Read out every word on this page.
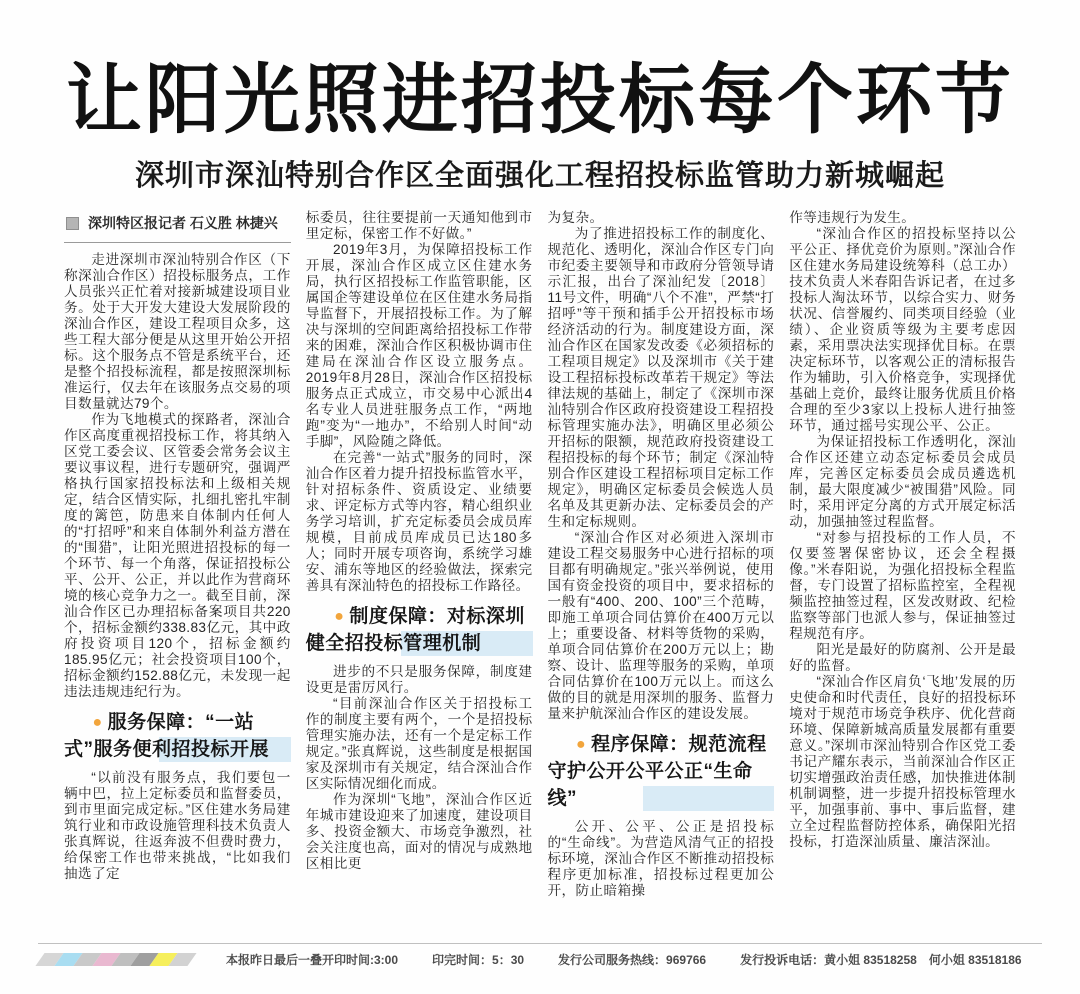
让阳光照进招投标每个环节
深圳市深汕特别合作区全面强化工程招投标监管助力新城崛起
深圳特区报记者 石义胜 林捷兴
走进深圳市深汕特别合作区（下称深汕合作区）招投标服务点，工作人员张兴正忙着对接新城建设项目业务。处于大开发大建设大发展阶段的深汕合作区，建设工程项目众多，这些工程大部分便是从这里开始公开招标。这个服务点不管是系统平台，还是整个招投标流程，都是按照深圳标准运行，仅去年在该服务点交易的项目数量就达79个。
作为飞地模式的探路者，深汕合作区高度重视招投标工作，将其纳入区党工委会议、区管委会常务会议主要议事议程，进行专题研究，强调严格执行国家招投标法和上级相关规定，结合区情实际，扎细扎密扎牢制度的篱笆，防患来自体制内任何人的“打招呼”和来自体制外利益方潜在的“围猎”，让阳光照进招投标的每一个环节、每一个角落，保证招投标公平、公开、公正，并以此作为营商环境的核心竞争力之一。截至目前，深汕合作区已办理招标备案项目共220个，招标金额约338.83亿元，其中政府投资项目120个，招标金额约185.95亿元；社会投资项目100个，招标金额约152.88亿元，未发现一起违法违规违纪行为。
● 服务保障：“一站式”服务便利招投标开展
“以前没有服务点，我们要包一辆中巴，拉上定标委员和监督委员，到市里面完成定标。”区住建水务局建筑行业和市政设施管理科技术负责人张真辉说，往返奔波不但费时费力，给保密工作也带来挑战，“比如我们抽选了定
标委员，往往要提前一天通知他到市里定标，保密工作不好做。”
2019年3月，为保障招投标工作开展，深汕合作区成立区住建水务局，执行区招投标工作监管职能，区属国企等建设单位在区住建水务局指导监督下，开展招投标工作。为了解决与深圳的空间距离给招投标工作带来的困难，深汕合作区积极协调市住建局在深汕合作区设立服务点。2019年8月28日，深汕合作区招投标服务点正式成立，市交易中心派出4名专业人员进驻服务点工作，“两地跑”变为“一地办”，不给别人时间“动手脚”，风险随之降低。
在完善“一站式”服务的同时，深汕合作区着力提升招投标监管水平，针对招标条件、资质设定、业绩要求、评定标方式等内容，精心组织业务学习培训，扩充定标委员会成员库规模，目前成员库成员已达180多人；同时开展专项咨询，系统学习雄安、浦东等地区的经验做法，探索完善具有深汕特色的招投标工作路径。
● 制度保障：对标深圳健全招投标管理机制
进步的不只是服务保障，制度建设更是雷厉风行。
“目前深汕合作区关于招投标工作的制度主要有两个，一个是招投标管理实施办法，还有一个是定标工作规定。”张真辉说，这些制度是根据国家及深圳市有关规定，结合深汕合作区实际情况细化而成。
作为深圳“飞地”，深汕合作区近年城市建设迎来了加速度，建设项目多、投资金额大、市场竞争激烈，社会关注度也高，面对的情况与成熟地区相比更
为复杂。
为了推进招投标工作的制度化、规范化、透明化，深汕合作区专门向市纪委主要领导和市政府分管领导请示汇报，出台了深汕纪发〔2018〕11号文件，明确“八个不准”，严禁“打招呼”等干预和插手公开招投标市场经济活动的行为。制度建设方面，深汕合作区在国家发改委《必须招标的工程项目规定》以及深圳市《关于建设工程招标投标改革若干规定》等法律法规的基础上，制定了《深圳市深汕特别合作区政府投资建设工程招投标管理实施办法》，明确区里必须公开招标的限额，规范政府投资建设工程招投标的每个环节；制定《深汕特别合作区建设工程招标项目定标工作规定》，明确区定标委员会候选人员名单及其更新办法、定标委员会的产生和定标规则。
“深汕合作区对必须进入深圳市建设工程交易服务中心进行招标的项目都有明确规定。”张兴举例说，使用国有资金投资的项目中，要求招标的一般有“400、200、100”三个范畴，即施工单项合同估算价在400万元以上；重要设备、材料等货物的采购，单项合同估算价在200万元以上；勘察、设计、监理等服务的采购，单项合同估算价在100万元以上。而这么做的目的就是用深圳的服务、监督力量来护航深汕合作区的建设发展。
● 程序保障：规范流程守护公开公平公正“生命线”
公开、公平、公正是招投标的“生命线”。为营造风清气正的招投标环境，深汕合作区不断推动招投标程序更加标准，招投标过程更加公开，防止暗箱操
作等违规行为发生。
“深汕合作区的招投标坚持以公平公正、择优竞价为原则。”深汕合作区住建水务局建设统筹科（总工办）技术负责人米春阳告诉记者，在过多投标人淘汰环节，以综合实力、财务状况、信誉履约、同类项目经验（业绩）、企业资质等级为主要考虑因素，采用票决法实现择优目标。在票决定标环节，以客观公正的清标报告作为辅助，引入价格竞争，实现择优基础上竞价，最终让服务优质且价格合理的至少3家以上投标人进行抽签环节，通过摇号实现公平、公正。
为保证招投标工作透明化，深汕合作区还建立动态定标委员会成员库，完善区定标委员会成员遴选机制，最大限度减少“被围猎”风险。同时，采用评定分离的方式开展定标活动，加强抽签过程监督。
“对参与招投标的工作人员，不仅要签署保密协议，还会全程摄像。”米春阳说，为强化招投标全程监督，专门设置了招标监控室，全程视频监控抽签过程，区发改财政、纪检监察等部门也派人参与，保证抽签过程规范有序。
阳光是最好的防腐剂、公开是最好的监督。
“深汕合作区肩负‘飞地’发展的历史使命和时代责任，良好的招投标环境对于规范市场竞争秩序、优化营商环境、保障新城高质量发展都有重要意义。”深圳市深汕特别合作区党工委书记产耀东表示，当前深汕合作区正切实增强政治责任感，加快推进体制机制调整，进一步提升招投标管理水平，加强事前、事中、事后监督，建立全过程监督防控体系，确保阳光招投标，打造深汕质量、廉洁深汕。
本报昨日最后一叠开印时间:3:00	印完时间：5：30	发行公司服务热线：969766	发行投诉电话：黄小姐 83518258　何小姐 83518186
